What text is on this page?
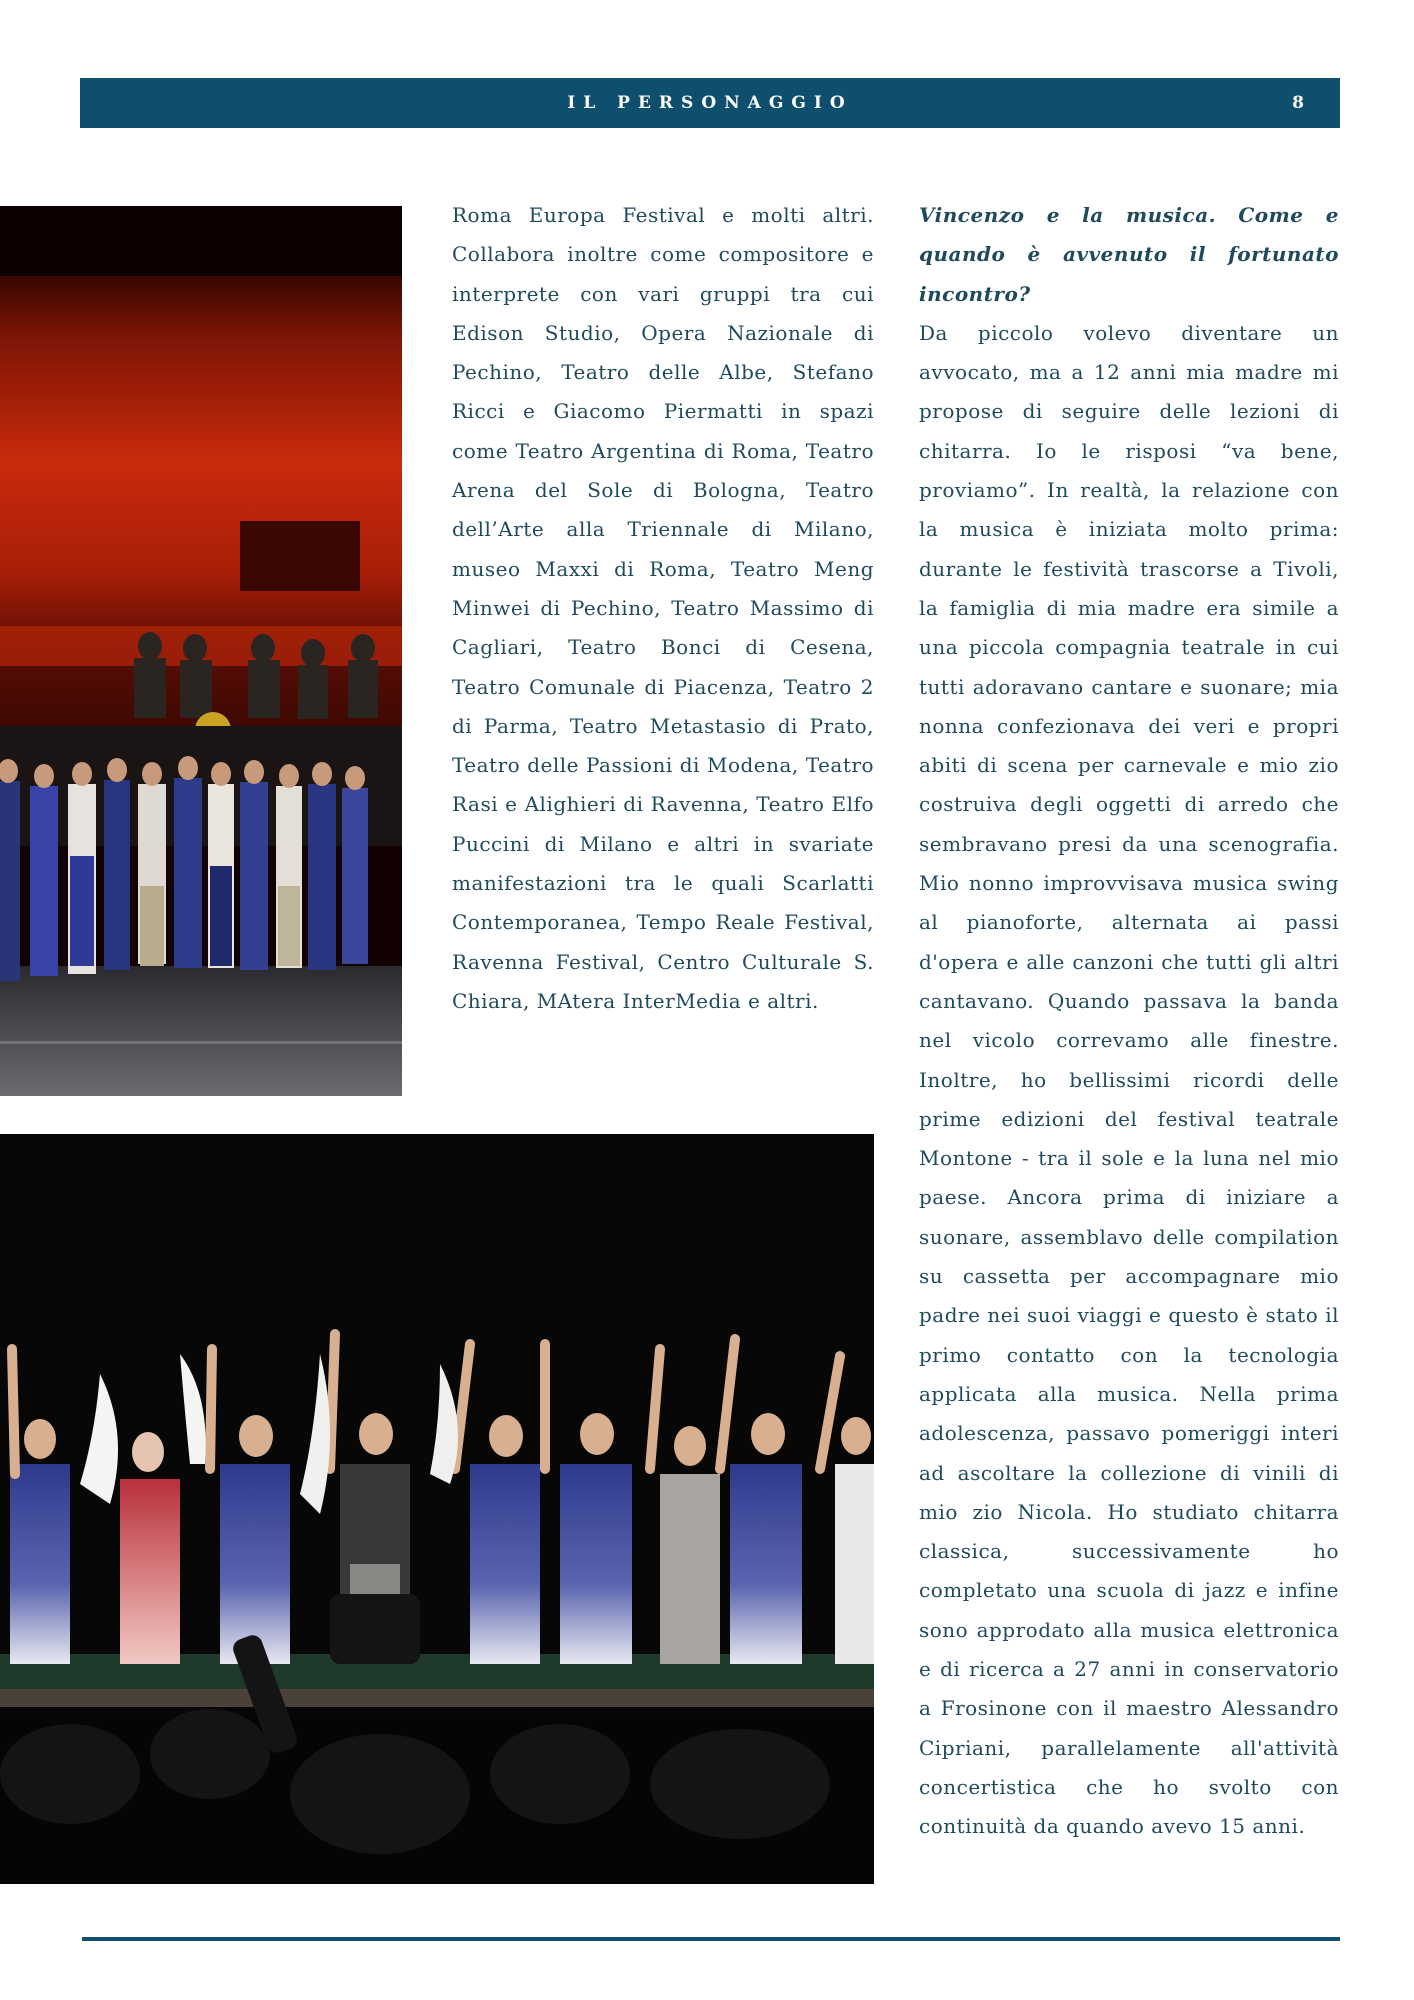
IL PERSONAGGIO	8
Roma Europa Festival e molti altri. Collabora inoltre come compositore e interprete con vari gruppi tra cui Edison Studio, Opera Nazionale di Pechino, Teatro delle Albe, Stefano Ricci e Giacomo Piermatti in spazi come Teatro Argentina di Roma, Teatro Arena del Sole di Bologna, Teatro dell’Arte alla Triennale di Milano, museo Maxxi di Roma, Teatro Meng Minwei di Pechino, Teatro Massimo di Cagliari, Teatro Bonci di Cesena, Teatro Comunale di Piacenza, Teatro 2 di Parma, Teatro Metastasio di Prato, Teatro delle Passioni di Modena, Teatro Rasi e Alighieri di Ravenna, Teatro Elfo Puccini di Milano e altri in svariate manifestazioni tra le quali Scarlatti Contemporanea, Tempo Reale Festival, Ravenna Festival, Centro Culturale S. Chiara, MAtera InterMedia e altri.
Vincenzo e la musica. Come e quando è avvenuto il fortunato incontro?
Da piccolo volevo diventare un avvocato, ma a 12 anni mia madre mi propose di seguire delle lezioni di chitarra. Io le risposi “va bene, proviamo”. In realtà, la relazione con la musica è iniziata molto prima: durante le festività trascorse a Tivoli, la famiglia di mia madre era simile a una piccola compagnia teatrale in cui tutti adoravano cantare e suonare; mia nonna confezionava dei veri e propri abiti di scena per carnevale e mio zio costruiva degli oggetti di arredo che sembravano presi da una scenografia. Mio nonno improvvisava musica swing al pianoforte, alternata ai passi d'opera e alle canzoni che tutti gli altri cantavano. Quando passava la banda nel vicolo correvamo alle finestre. Inoltre, ho bellissimi ricordi delle prime edizioni del festival teatrale Montone - tra il sole e la luna nel mio paese. Ancora prima di iniziare a suonare, assemblavo delle compilation su cassetta per accompagnare mio padre nei suoi viaggi e questo è stato il primo contatto con la tecnologia applicata alla musica. Nella prima adolescenza, passavo pomeriggi interi ad ascoltare la collezione di vinili di mio zio Nicola. Ho studiato chitarra classica, successivamente ho completato una scuola di jazz e infine sono approdato alla musica elettronica e di ricerca a 27 anni in conservatorio a Frosinone con il maestro Alessandro Cipriani, parallelamente all'attività concertistica che ho svolto con continuità da quando avevo 15 anni.
